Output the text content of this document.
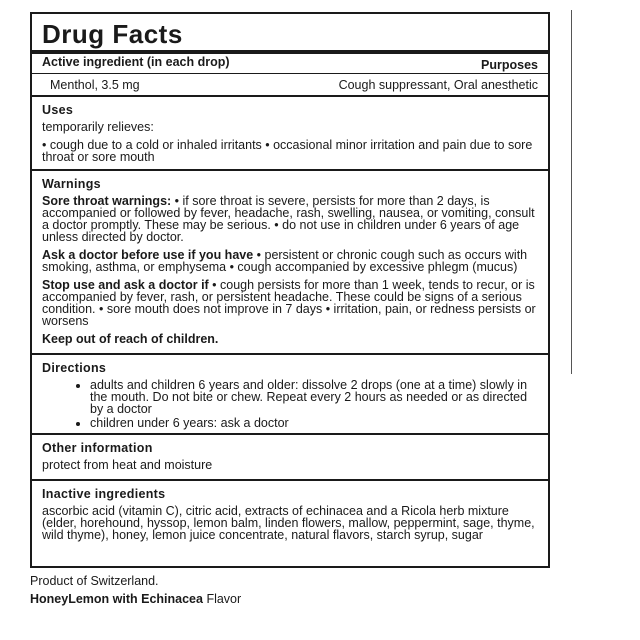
Drug Facts
Active ingredient (in each drop)	Purposes
Menthol, 3.5 mg	Cough suppressant, Oral anesthetic
Uses
temporarily relieves:
• cough due to a cold or inhaled irritants • occasional minor irritation and pain due to sore throat or sore mouth
Warnings
Sore throat warnings: • if sore throat is severe, persists for more than 2 days, is accompanied or followed by fever, headache, rash, swelling, nausea, or vomiting, consult a doctor promptly. These may be serious. • do not use in children under 6 years of age unless directed by doctor.
Ask a doctor before use if you have • persistent or chronic cough such as occurs with smoking, asthma, or emphysema • cough accompanied by excessive phlegm (mucus)
Stop use and ask a doctor if • cough persists for more than 1 week, tends to recur, or is accompanied by fever, rash, or persistent headache. These could be signs of a serious condition. • sore mouth does not improve in 7 days • irritation, pain, or redness persists or worsens
Keep out of reach of children.
Directions
• adults and children 6 years and older: dissolve 2 drops (one at a time) slowly in the mouth. Do not bite or chew. Repeat every 2 hours as needed or as directed by a doctor
• children under 6 years: ask a doctor
Other information
protect from heat and moisture
Inactive ingredients
ascorbic acid (vitamin C), citric acid, extracts of echinacea and a Ricola herb mixture (elder, horehound, hyssop, lemon balm, linden flowers, mallow, peppermint, sage, thyme, wild thyme), honey, lemon juice concentrate, natural flavors, starch syrup, sugar
Product of Switzerland.
HoneyLemon with Echinacea Flavor
